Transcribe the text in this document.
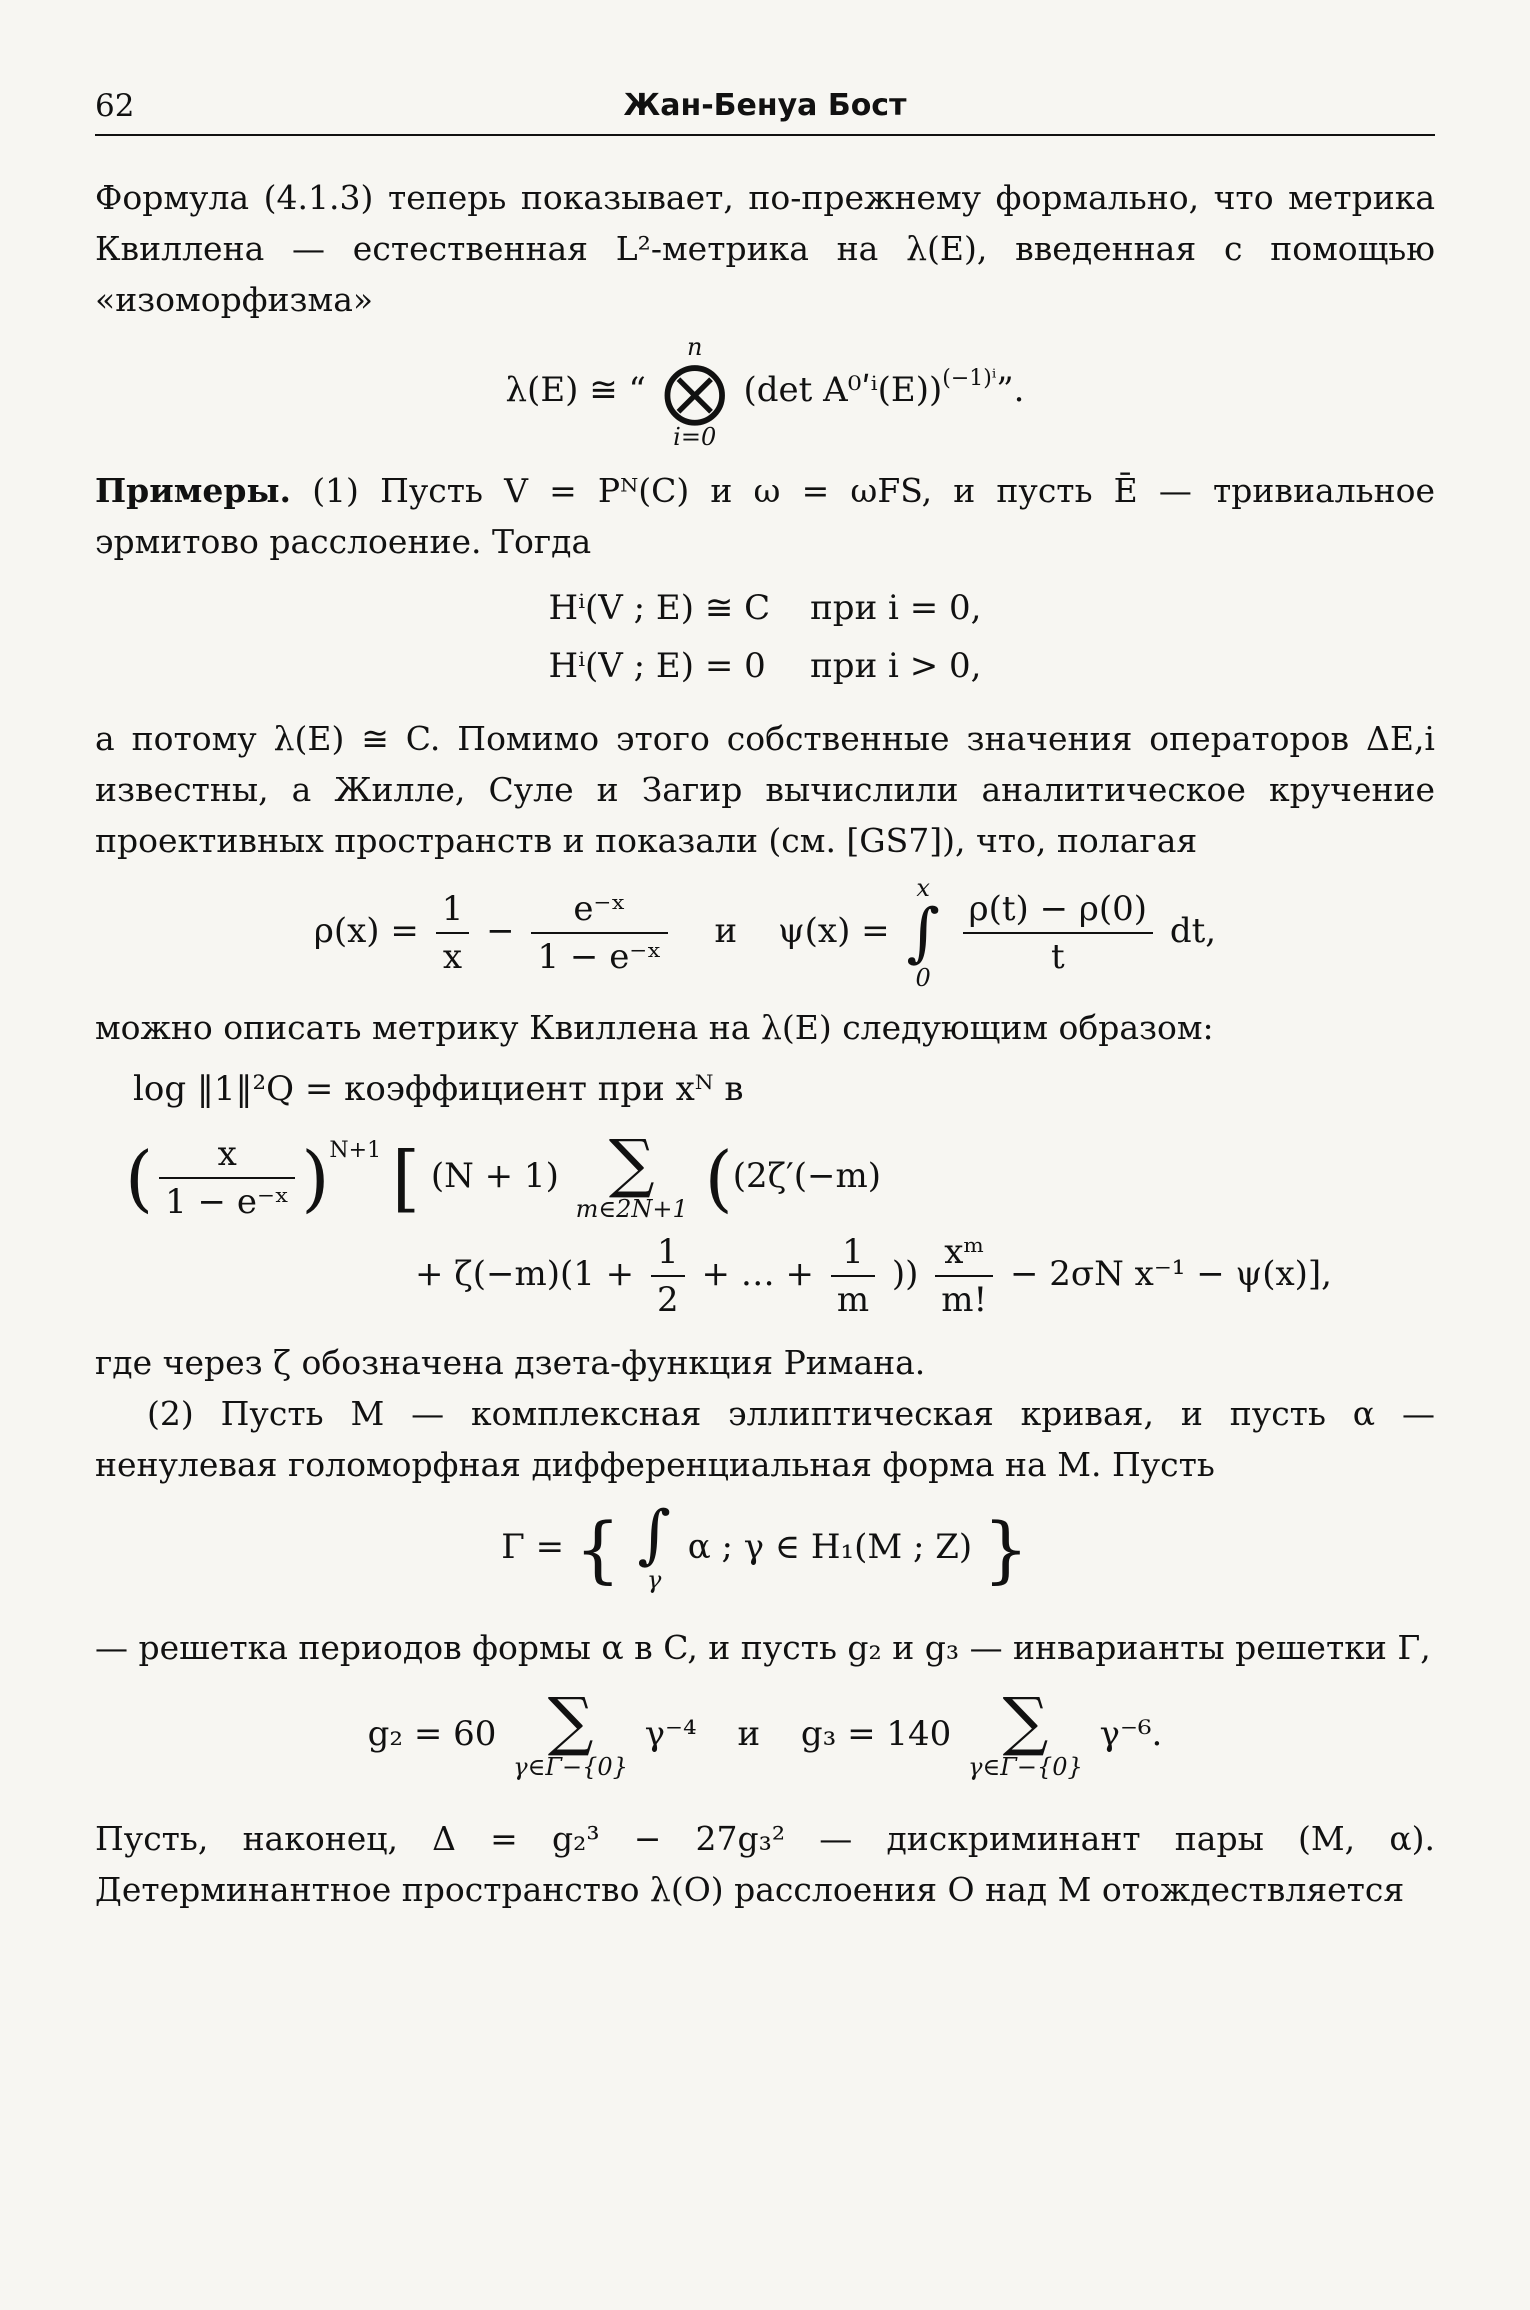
62	Жан-Бенуа Бост

Формула (4.1.3) теперь показывает, по-прежнему формально, что метрика Квиллена — естественная L²-метрика на λ(E), введенная с помощью «изоморфизма»

λ(E) ≅ “
n
⨂
i=0
(det A⁰ʹⁱ(E))$^{(-1)^i}$”.

Примеры. (1) Пусть V = Pᴺ(C) и ω = ωFS, и пусть Ē — тривиальное эрмитово расслоение. Тогда

Hⁱ(V ; E) ≅ C	при i = 0,
Hⁱ(V ; E) = 0	при i > 0,

а потому λ(E) ≅ C. Помимо этого собственные значения операторов ΔE,i известны, а Жилле, Суле и Загир вычислили аналитическое кручение проективных пространств и показали (см. [GS7]), что, полагая

$\rho(x) = \frac{1}{x} - \frac{\text{e⁻ˣ}}{\text{1 − e⁻ˣ}}$ и ψ(x) =
x
∫
0
$\frac{\rho(t) - \rho(0)}{t}$ dt,

можно описать метрику Квиллена на λ(E) следующим образом:

log ‖1‖²Q = коэффициент при xᴺ в
( $\frac{x}{\text{1 − e⁻ˣ}} )^{N+1}$ [ (N + 1) ∑
m∈2N+1 ((2ζ′(−m)
+ $\zeta(-m)(1 + \frac{1}{2}$ + … + $\frac{1}{m}$ )) $\frac{\text{xᵐ}}{m!} - 2\sigma N$ x⁻¹ − ψ(x)],

где через ζ обозначена дзета-функция Римана.

(2) Пусть M — комплексная эллиптическая кривая, и пусть α — ненулевая голоморфная дифференциальная форма на M. Пусть

Γ = { ∫
γ
α ; γ ∈ H₁(M ; Z) }

— решетка периодов формы α в C, и пусть g₂ и g₃ — инварианты решетки Γ,

g₂ = 60 ∑
γ∈Γ−{0}
γ⁻⁴ и g₃ = 140 ∑
γ∈Γ−{0}
γ⁻⁶.

Пусть, наконец, Δ = g₂³ − 27g₃² — дискриминант пары (M, α). Детерминантное пространство λ(O) расслоения O над M отождествляется
